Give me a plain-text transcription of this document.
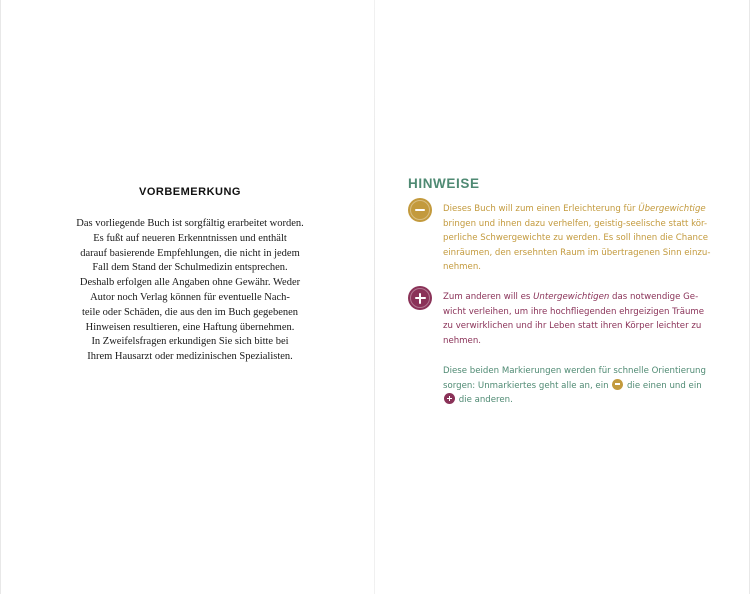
VORBEMERKUNG
Das vorliegende Buch ist sorgfältig erarbeitet worden.
Es fußt auf neueren Erkenntnissen und enthält
darauf basierende Empfehlungen, die nicht in jedem
Fall dem Stand der Schulmedizin entsprechen.
Deshalb erfolgen alle Angaben ohne Gewähr. Weder
Autor noch Verlag können für eventuelle Nach-
teile oder Schäden, die aus den im Buch gegebenen
Hinweisen resultieren, eine Haftung übernehmen.
In Zweifelsfragen erkundigen Sie sich bitte bei
Ihrem Hausarzt oder medizinischen Spezialisten.
HINWEISE
Dieses Buch will zum einen Erleichterung für Übergewichtige
bringen und ihnen dazu verhelfen, geistig-seelische statt kör-
perliche Schwergewichte zu werden. Es soll ihnen die Chance
einräumen, den ersehnten Raum im übertragenen Sinn einzu-
nehmen.
Zum anderen will es Untergewichtigen das notwendige Ge-
wicht verleihen, um ihre hochfliegenden ehrgeizigen Träume
zu verwirklichen und ihr Leben statt ihren Körper leichter zu
nehmen.
Diese beiden Markierungen werden für schnelle Orientierung
sorgen: Unmarkiertes geht alle an, ein  die einen und ein
die anderen.
